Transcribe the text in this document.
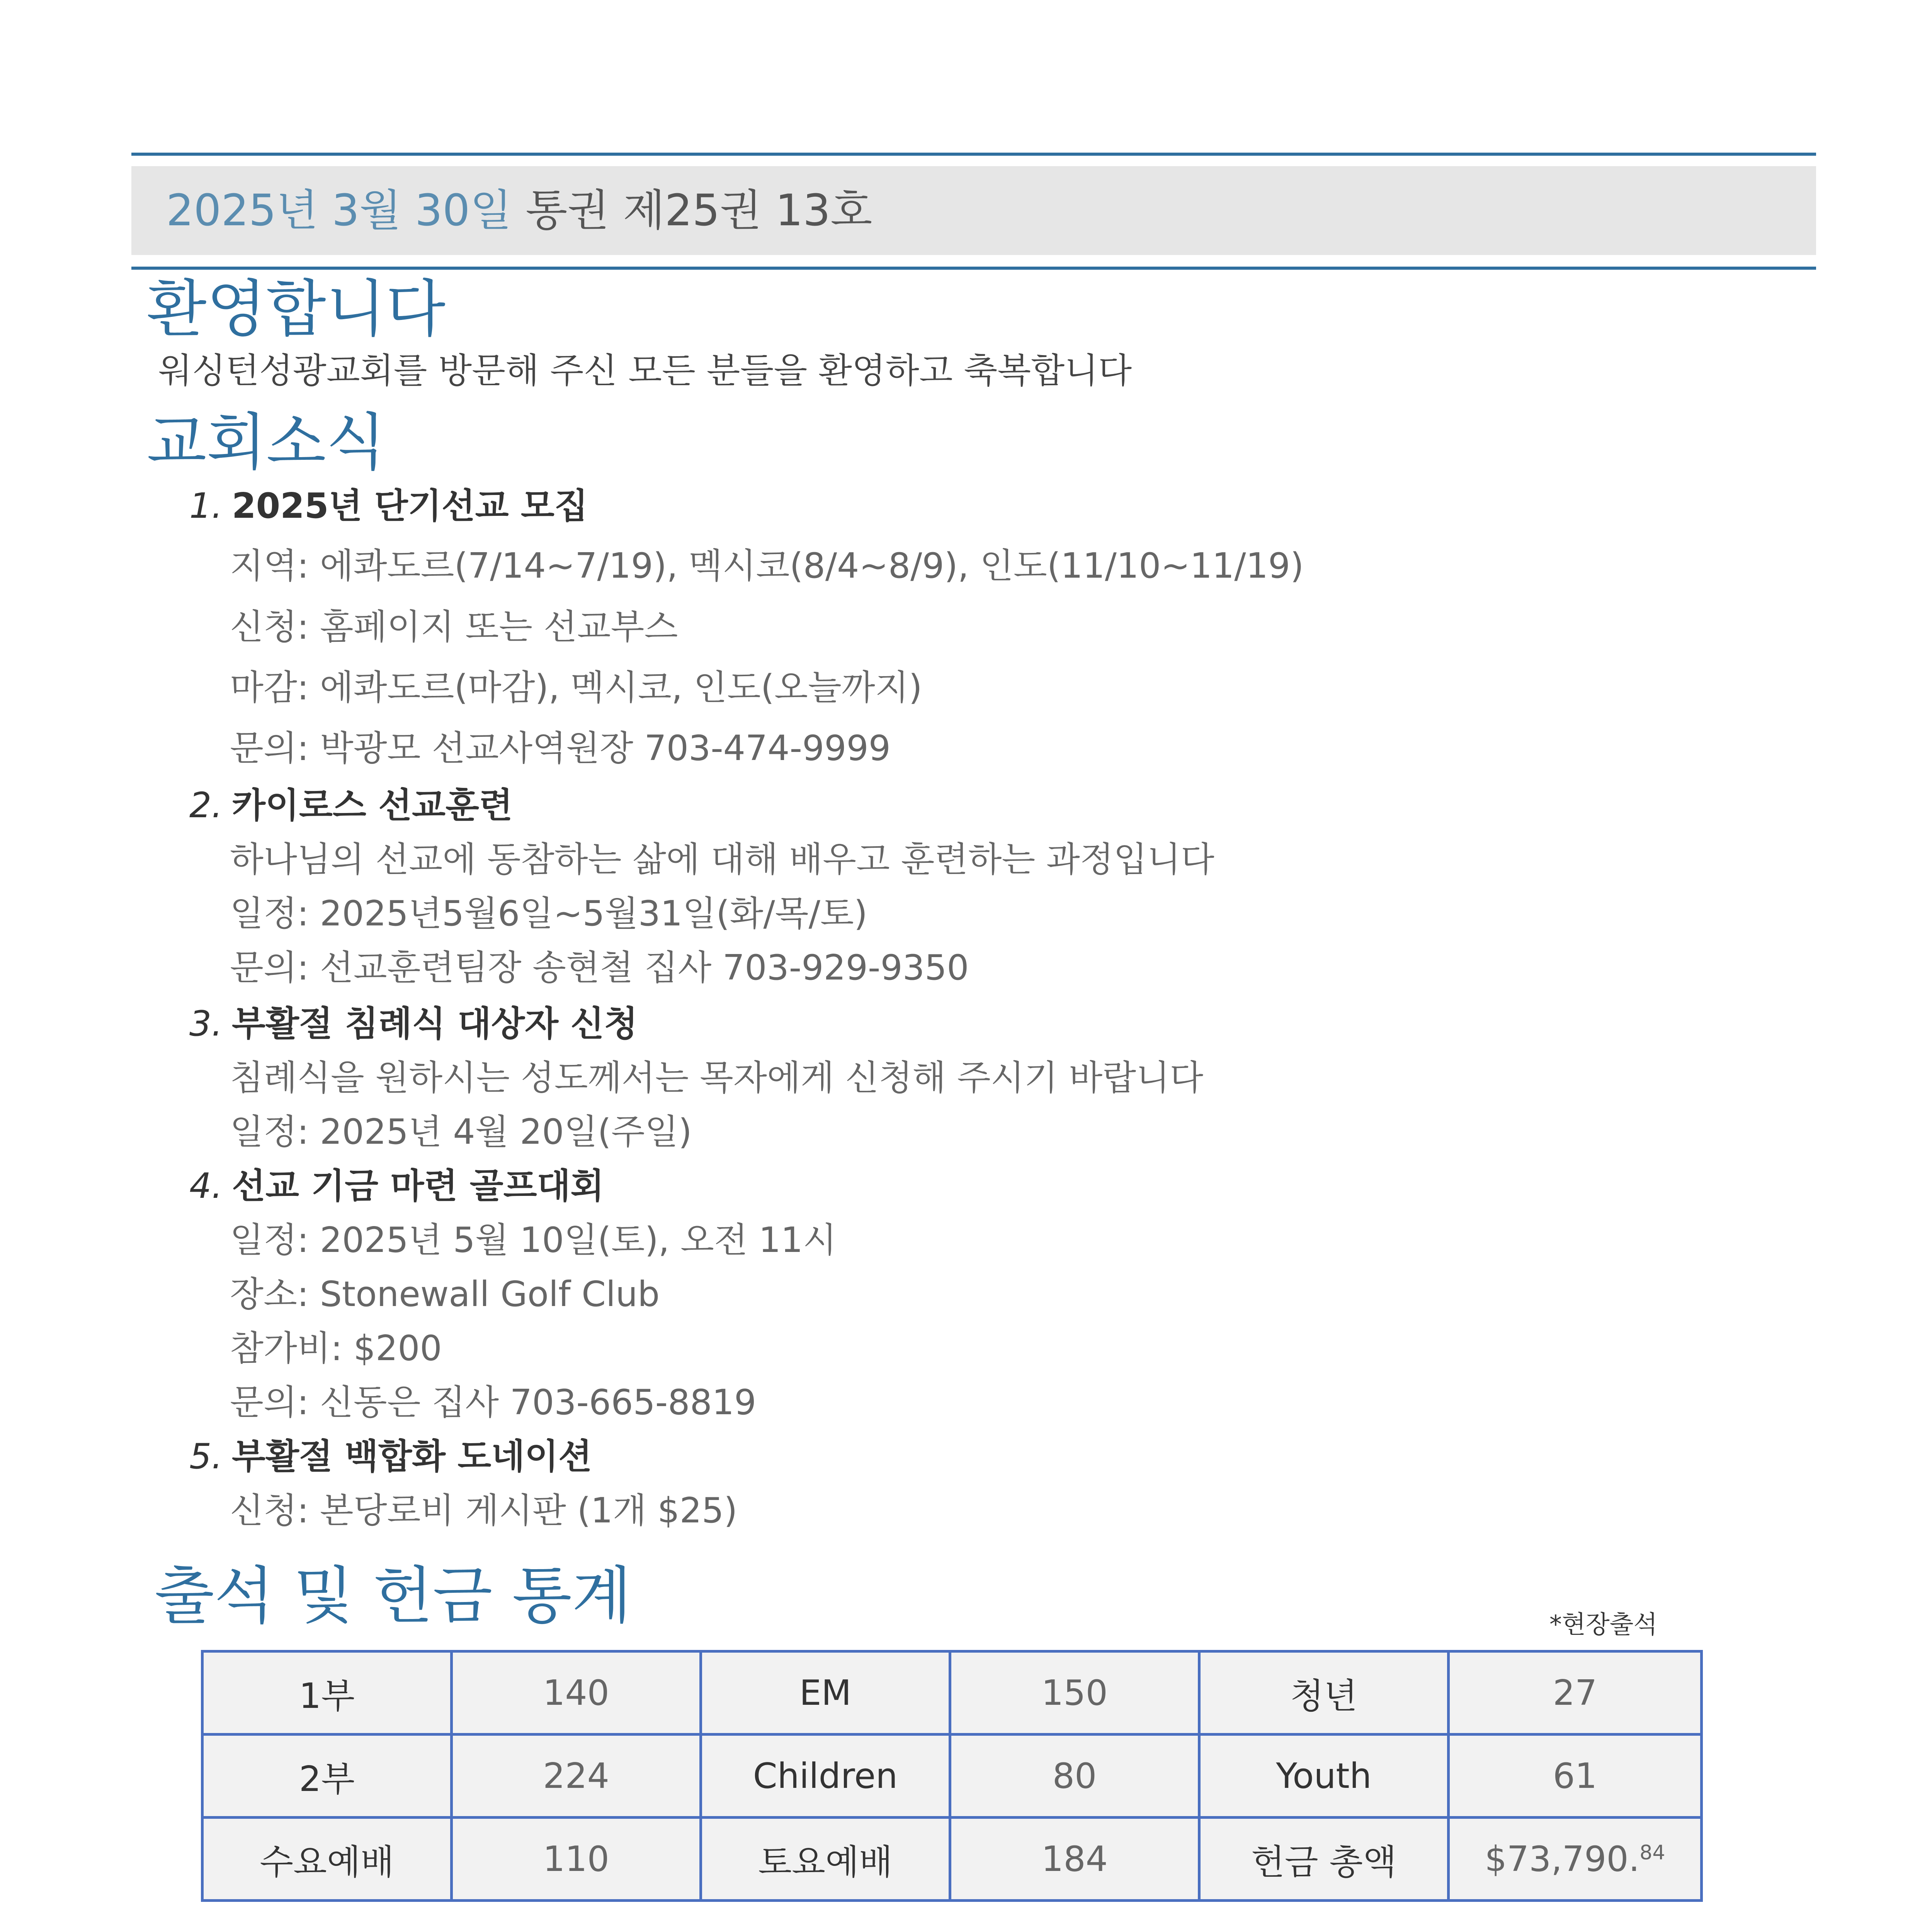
2025년 3월 30일 통권 제25권 13호
환영합니다
워싱턴성광교회를 방문해 주신 모든 분들을 환영하고 축복합니다
교회소식
1. 2025년 단기선교 모집
지역: 에콰도르(7/14~7/19), 멕시코(8/4~8/9), 인도(11/10~11/19)
신청: 홈페이지 또는 선교부스
마감: 에콰도르(마감), 멕시코, 인도(오늘까지)
문의: 박광모 선교사역원장 703-474-9999
2. 카이로스 선교훈련
하나님의 선교에 동참하는 삶에 대해 배우고 훈련하는 과정입니다
일정: 2025년5월6일~5월31일(화/목/토)
문의: 선교훈련팀장 송현철 집사 703-929-9350
3. 부활절 침례식 대상자 신청
침례식을 원하시는 성도께서는 목자에게 신청해 주시기 바랍니다
일정: 2025년 4월 20일(주일)
4. 선교 기금 마련 골프대회
일정: 2025년 5월 10일(토), 오전 11시
장소: Stonewall Golf Club
참가비: $200
문의: 신동은 집사 703-665-8819
5. 부활절 백합화 도네이션
신청: 본당로비 게시판 (1개 $25)
출석 및 헌금 통계	*현장출석
1부	140	EM	150	청년	27
2부	224	Children	80	Youth	61
수요예배	110	토요예배	184	헌금 총액	$73,790.84
